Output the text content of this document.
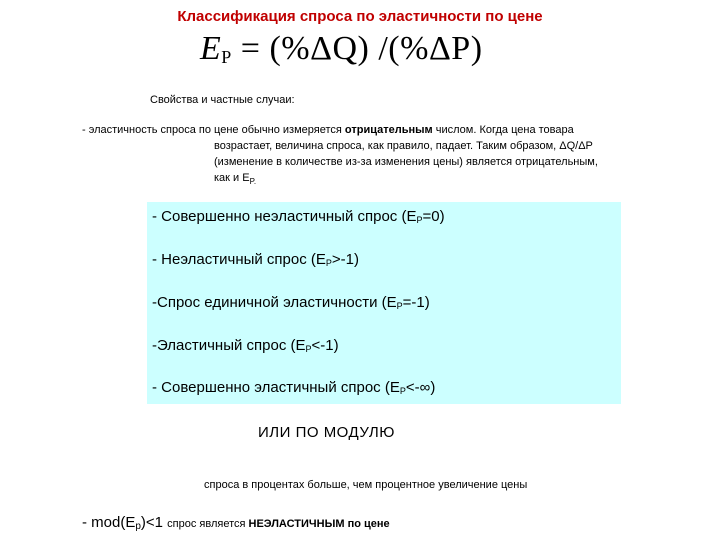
Классификация спроса по эластичности по цене
$E_P = (\%\Delta Q)$ /(%ΔP)
Свойства и частные случаи:
- эластичность спроса по цене обычно измеряется отрицательным числом. Когда цена товара
возрастает, величина спроса, как правило, падает. Таким образом, ΔQ/ΔP
(изменение в количестве из-за изменения цены) является отрицательным,
как и $E_{P.}$
- Совершенно неэластичный спрос $(E_P=0)$
- Неэластичный спрос $(E_P>-1)$
-Спрос единичной эластичности $(E_P=-1)$
-Эластичный спрос $(E_P<-1)$
- Совершенно эластичный спрос $(E_P<-\infty)$
ИЛИ ПО МОДУЛЮ
спроса в процентах больше, чем процентное увеличение цены
- $mod(E_p)<1$ спрос является НЕЭЛАСТИЧНЫМ по цене
